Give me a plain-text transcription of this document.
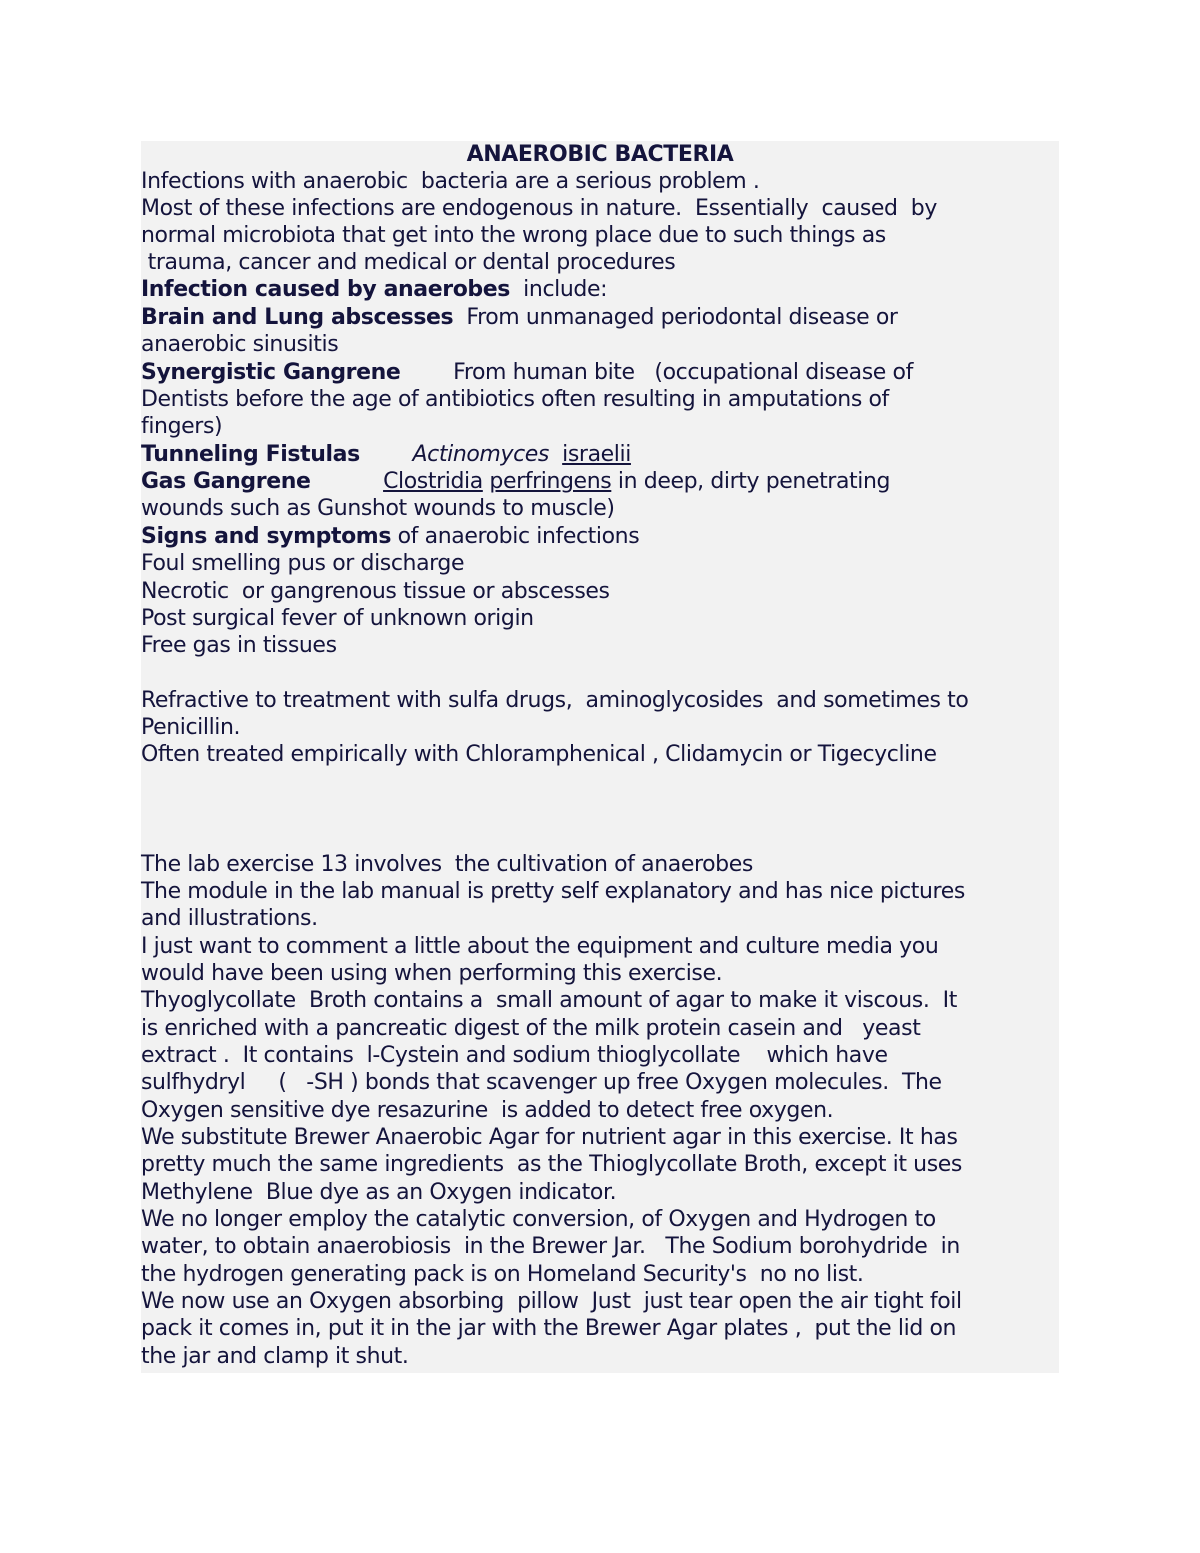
ANAEROBIC BACTERIA
Infections with anaerobic  bacteria are a serious problem .
Most of these infections are endogenous in nature.  Essentially  caused  by
normal microbiota that get into the wrong place due to such things as
trauma, cancer and medical or dental procedures
Infection caused by anaerobes  include:
Brain and Lung abscesses  From unmanaged periodontal disease or
anaerobic sinusitis
Synergistic Gangrene        From human bite   (occupational disease of
Dentists before the age of antibiotics often resulting in amputations of
fingers)
Tunneling Fistulas Actinomyces israelii
Gas Gangrene	Clostridia perfringens in deep, dirty penetrating
wounds such as Gunshot wounds to muscle)
Signs and symptoms of anaerobic infections
Foul smelling pus or discharge
Necrotic  or gangrenous tissue or abscesses
Post surgical fever of unknown origin
Free gas in tissues
Refractive to treatment with sulfa drugs,  aminoglycosides  and sometimes to
Penicillin.
Often treated empirically with Chloramphenical , Clidamycin or Tigecycline
The lab exercise 13 involves  the cultivation of anaerobes
The module in the lab manual is pretty self explanatory and has nice pictures
and illustrations.
I just want to comment a little about the equipment and culture media you
would have been using when performing this exercise.
Thyoglycollate  Broth contains a  small amount of agar to make it viscous.  It
is enriched with a pancreatic digest of the milk protein casein and   yeast
extract .  It contains  l-Cystein and sodium thioglycollate    which have
sulfhydryl     (   -SH ) bonds that scavenger up free Oxygen molecules.  The
Oxygen sensitive dye resazurine  is added to detect free oxygen.
We substitute Brewer Anaerobic Agar for nutrient agar in this exercise. It has
pretty much the same ingredients  as the Thioglycollate Broth, except it uses
Methylene  Blue dye as an Oxygen indicator.
We no longer employ the catalytic conversion, of Oxygen and Hydrogen to
water, to obtain anaerobiosis  in the Brewer Jar.   The Sodium borohydride  in
the hydrogen generating pack is on Homeland Security's  no no list.
We now use an Oxygen absorbing  pillow  Just  just tear open the air tight foil
pack it comes in, put it in the jar with the Brewer Agar plates ,  put the lid on
the jar and clamp it shut.
